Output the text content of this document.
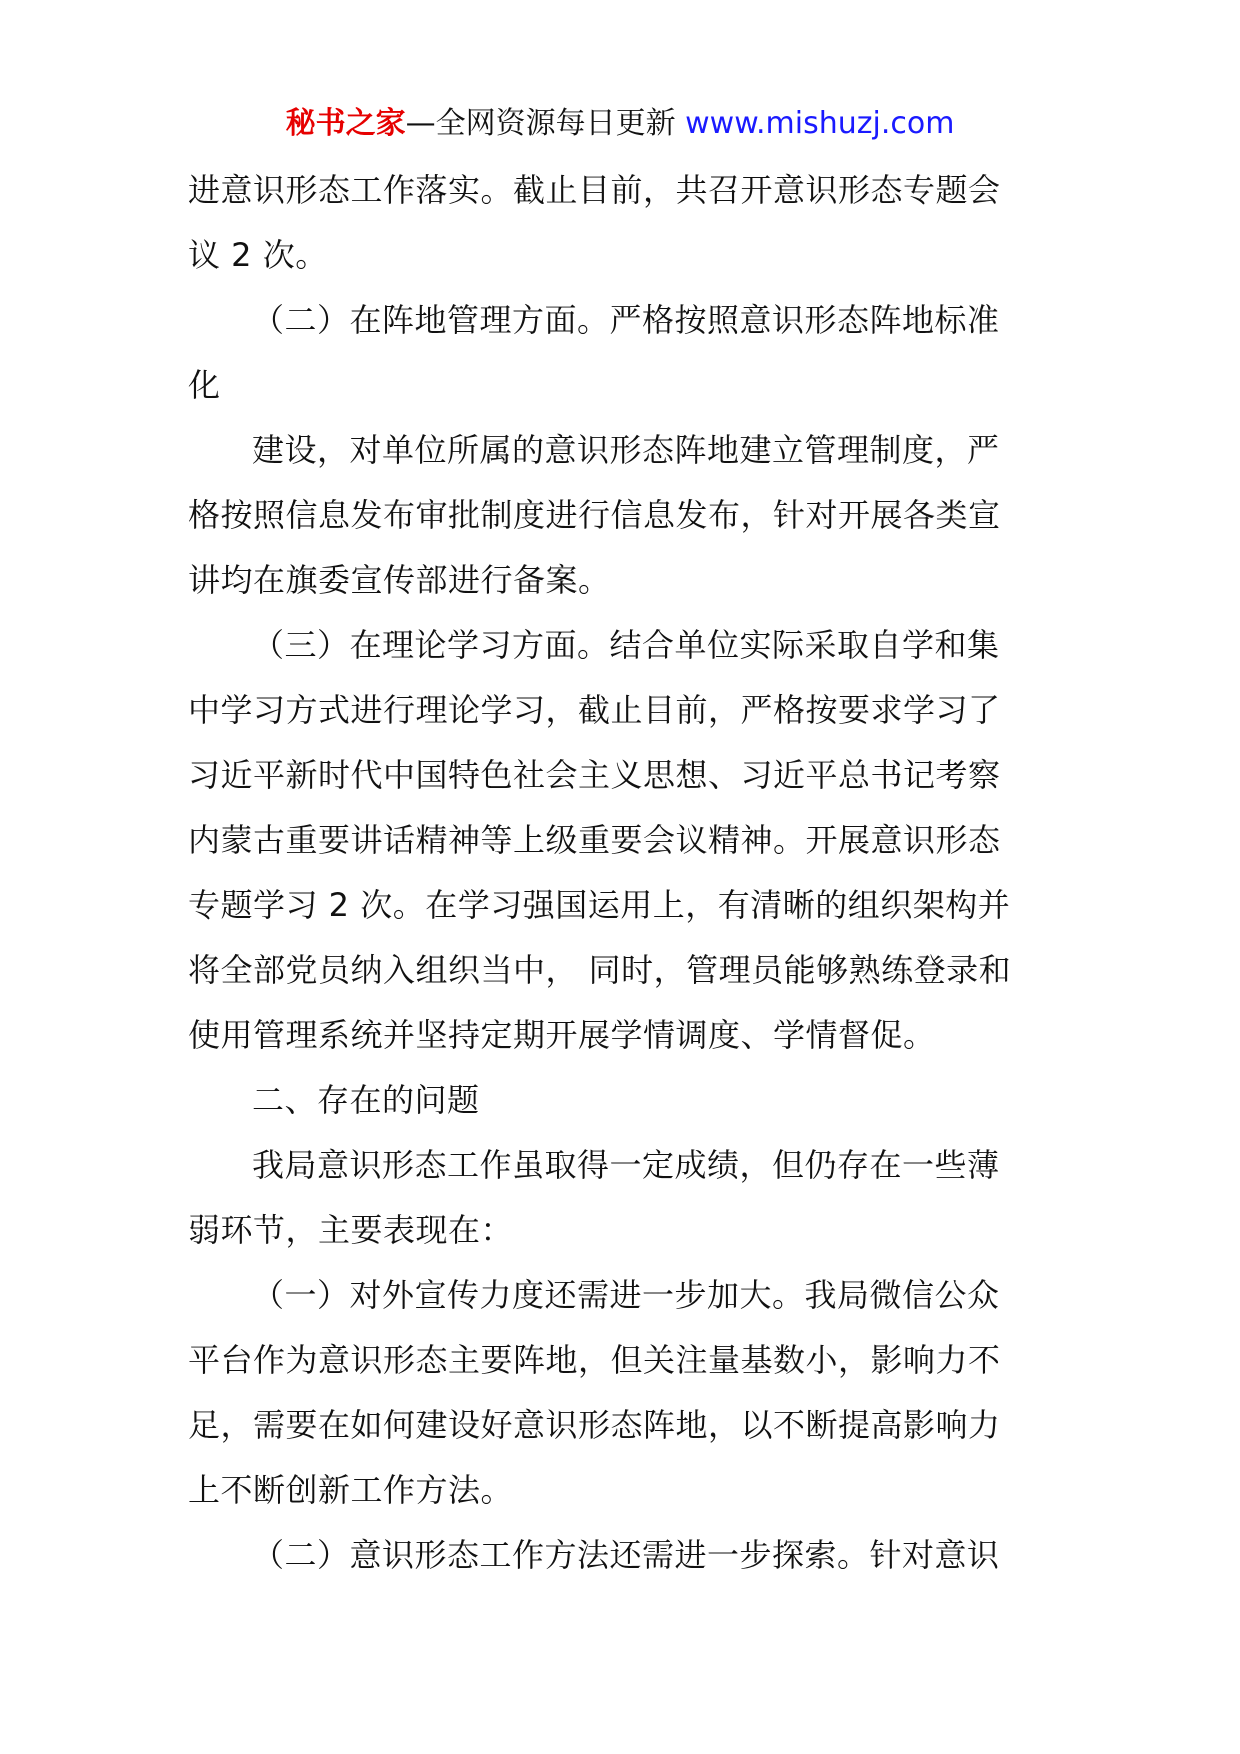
秘书之家—全网资源每日更新 www.mishuzj.com
进意识形态工作落实。截止目前，共召开意识形态专题会
议 2 次。
（二）在阵地管理方面。严格按照意识形态阵地标准
化
建设，对单位所属的意识形态阵地建立管理制度，严
格按照信息发布审批制度进行信息发布，针对开展各类宣
讲均在旗委宣传部进行备案。
（三）在理论学习方面。结合单位实际采取自学和集
中学习方式进行理论学习，截止目前，严格按要求学习了
习近平新时代中国特色社会主义思想、习近平总书记考察
内蒙古重要讲话精神等上级重要会议精神。开展意识形态
专题学习 2 次。在学习强国运用上，有清晰的组织架构并
将全部党员纳入组织当中， 同时，管理员能够熟练登录和
使用管理系统并坚持定期开展学情调度、学情督促。
二、存在的问题
我局意识形态工作虽取得一定成绩，但仍存在一些薄
弱环节，主要表现在：
（一）对外宣传力度还需进一步加大。我局微信公众
平台作为意识形态主要阵地，但关注量基数小，影响力不
足，需要在如何建设好意识形态阵地，以不断提高影响力
上不断创新工作方法。
（二）意识形态工作方法还需进一步探索。针对意识
